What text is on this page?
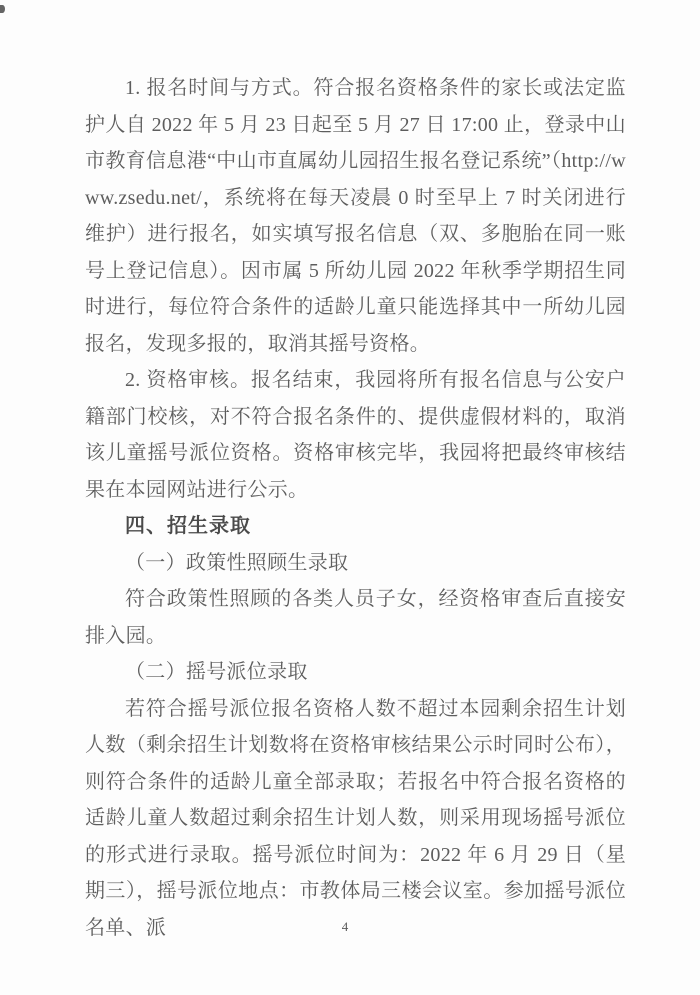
1. 报名时间与方式。符合报名资格条件的家长或法定监护人自 2022 年 5 月 23 日起至 5 月 27 日 17:00 止，登录中山市教育信息港“中山市直属幼儿园招生报名登记系统”（http://www.zsedu.net/，系统将在每天凌晨 0 时至早上 7 时关闭进行维护）进行报名，如实填写报名信息（双、多胞胎在同一账号上登记信息）。因市属 5 所幼儿园 2022 年秋季学期招生同时进行，每位符合条件的适龄儿童只能选择其中一所幼儿园报名，发现多报的，取消其摇号资格。

2. 资格审核。报名结束，我园将所有报名信息与公安户籍部门校核，对不符合报名条件的、提供虚假材料的，取消该儿童摇号派位资格。资格审核完毕，我园将把最终审核结果在本园网站进行公示。

四、招生录取

（一）政策性照顾生录取

符合政策性照顾的各类人员子女，经资格审查后直接安排入园。

（二）摇号派位录取

若符合摇号派位报名资格人数不超过本园剩余招生计划人数（剩余招生计划数将在资格审核结果公示时同时公布），则符合条件的适龄儿童全部录取；若报名中符合报名资格的适龄儿童人数超过剩余招生计划人数，则采用现场摇号派位的形式进行录取。摇号派位时间为：2022 年 6 月 29 日（星期三），摇号派位地点：市教体局三楼会议室。参加摇号派位名单、派	4
